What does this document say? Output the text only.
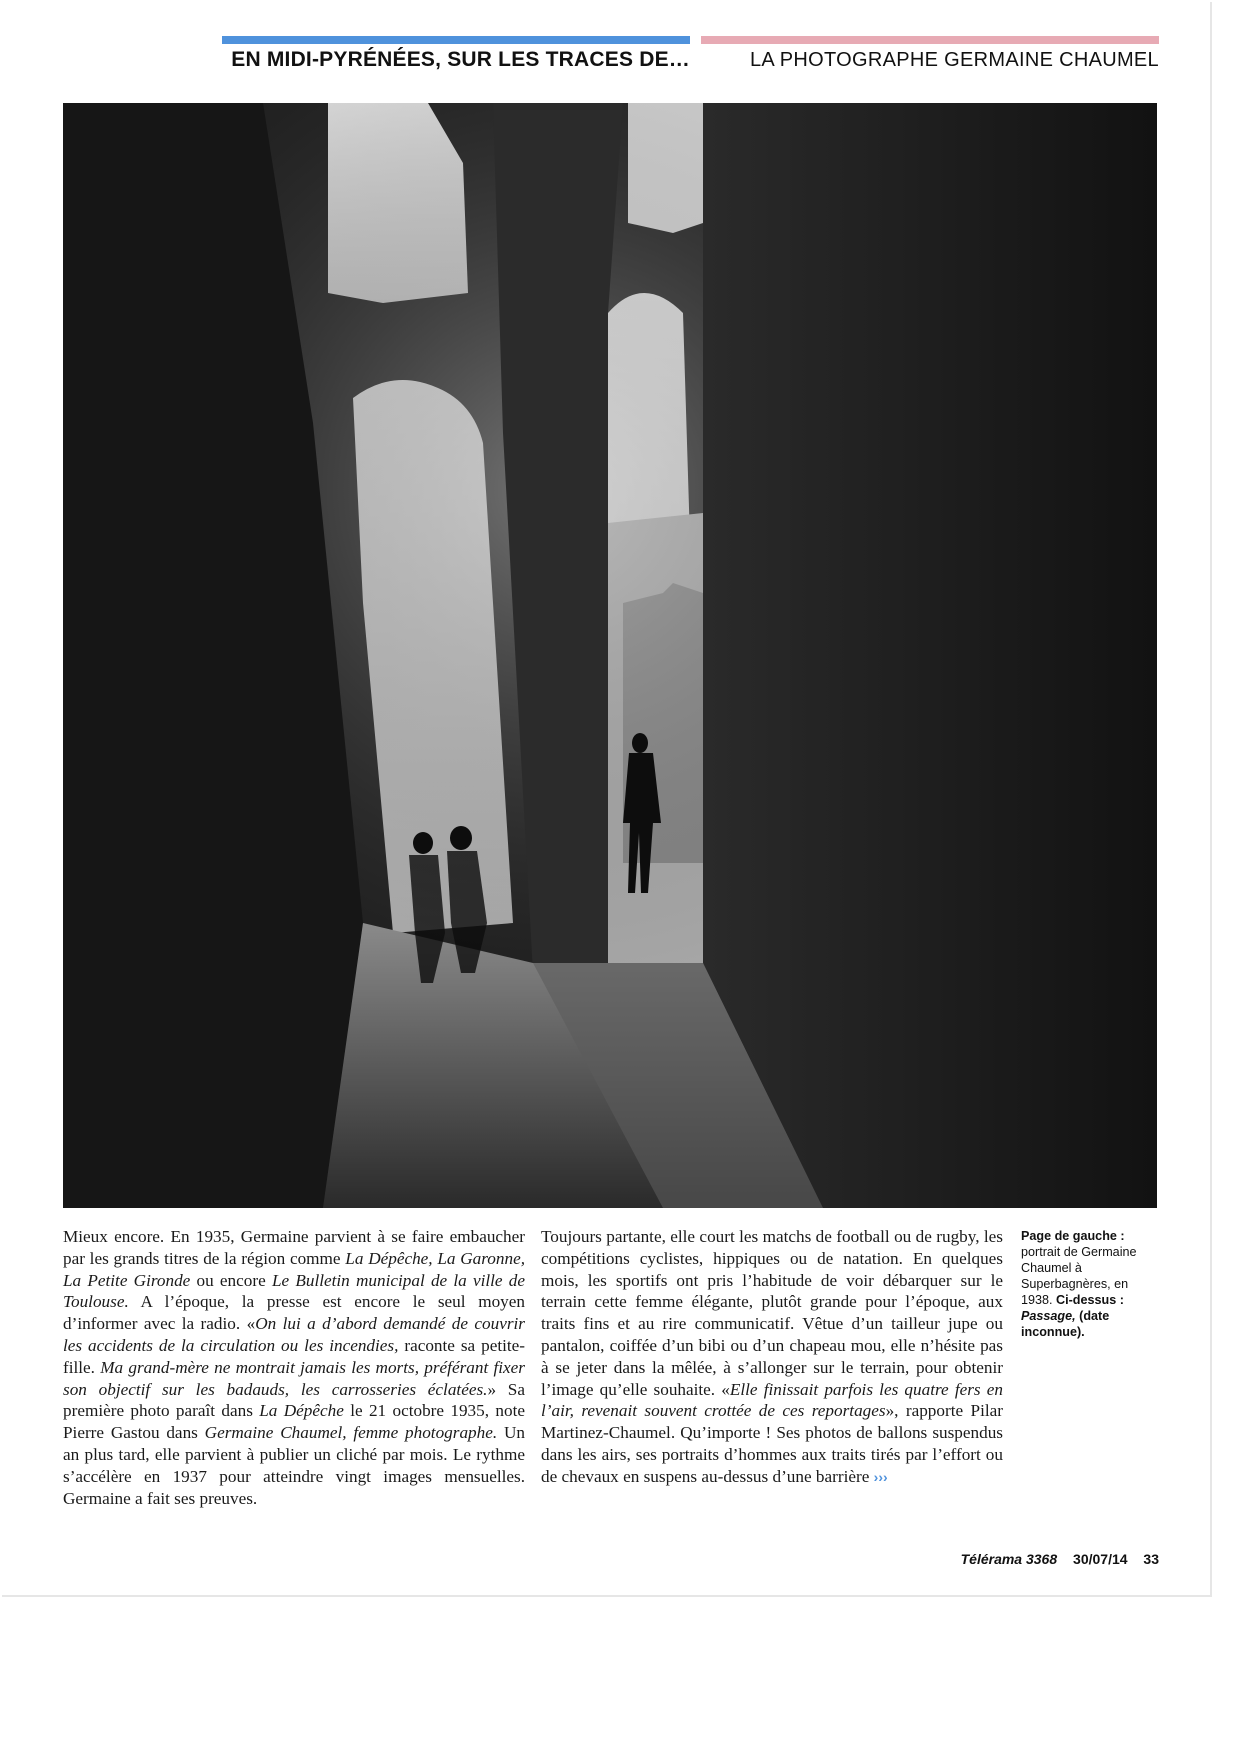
EN MIDI-PYRÉNÉES, SUR LES TRACES DE…	LA PHOTOGRAPHE GERMAINE CHAUMEL
Mieux encore. En 1935, Germaine parvient à se faire embaucher par les grands titres de la région comme La Dépêche, La Garonne, La Petite Gironde ou encore Le Bulletin municipal de la ville de Toulouse. A l’époque, la presse est encore le seul moyen d’informer avec la radio. «On lui a d’abord demandé de couvrir les accidents de la circulation ou les incendies, raconte sa petite-fille. Ma grand-mère ne montrait jamais les morts, préférant fixer son objectif sur les badauds, les carrosseries éclatées.» Sa première photo paraît dans La Dépêche le 21 octobre 1935, note Pierre Gastou dans Germaine Chaumel, femme photographe. Un an plus tard, elle parvient à publier un cliché par mois. Le rythme s’accélère en 1937 pour atteindre vingt images mensuelles. Germaine a fait ses preuves.
Toujours partante, elle court les matchs de football ou de rugby, les compétitions cyclistes, hippiques ou de natation. En quelques mois, les sportifs ont pris l’habitude de voir débarquer sur le terrain cette femme élégante, plutôt grande pour l’époque, aux traits fins et au rire communicatif. Vêtue d’un tailleur jupe ou pantalon, coiffée d’un bibi ou d’un chapeau mou, elle n’hésite pas à se jeter dans la mêlée, à s’allonger sur le terrain, pour obtenir l’image qu’elle souhaite. «Elle finissait parfois les quatre fers en l’air, revenait souvent crottée de ces reportages», rapporte Pilar Martinez-Chaumel. Qu’importe ! Ses photos de ballons suspendus dans les airs, ses portraits d’hommes aux traits tirés par l’effort ou de chevaux en suspens au-dessus d’une barrière ›››
Page de gauche : portrait de Germaine Chaumel à Superbagnères, en 1938. Ci-dessus : Passage, (date inconnue).
Télérama 3368 30/07/14 33
